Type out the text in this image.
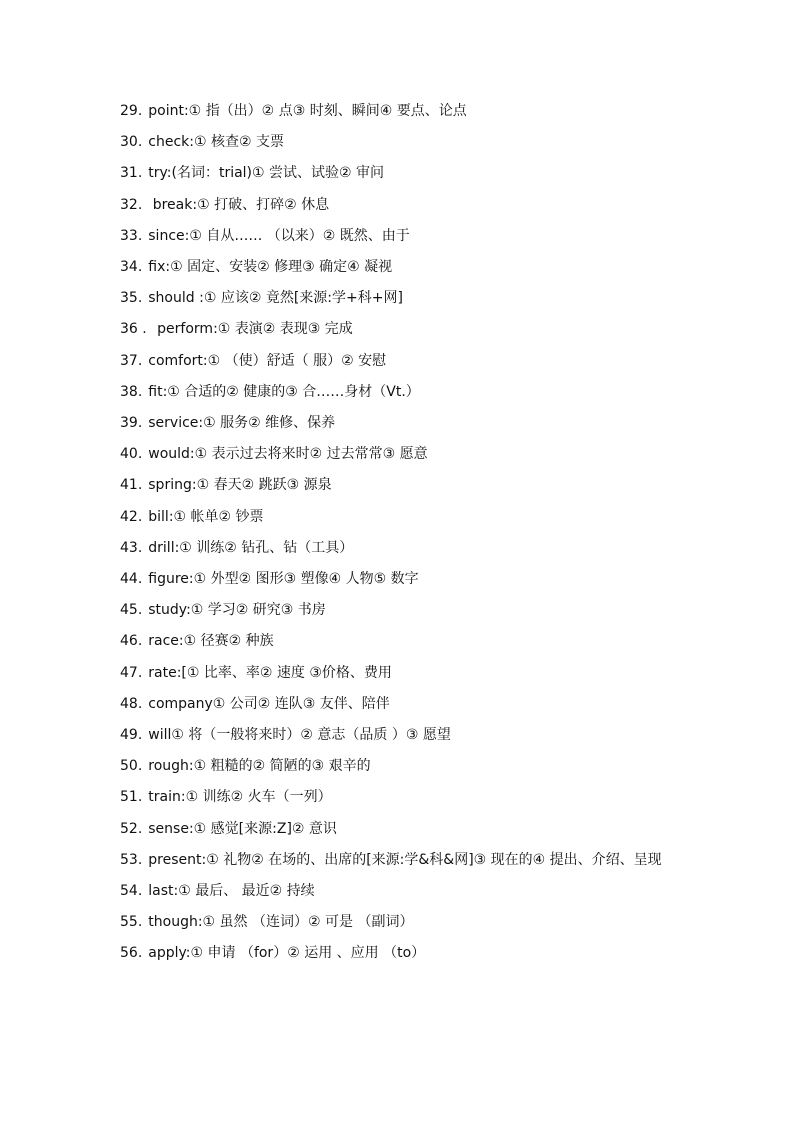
29. point:① 指（出）② 点③ 时刻、瞬间④ 要点、论点
30. check:① 核查② 支票
31. try:(名词：trial)① 尝试、试验② 审问
32. break:① 打破、打碎② 休息
33. since:① 自从…… （以来）② 既然、由于
34. fix:① 固定、安装② 修理③ 确定④ 凝视
35. should :① 应该② 竟然[来源:学+科+网]
36 . perform:① 表演② 表现③ 完成
37. comfort:① （使）舒适（ 服）② 安慰
38. fit:① 合适的② 健康的③ 合……身材（Vt.）
39. service:① 服务② 维修、保养
40. would:① 表示过去将来时② 过去常常③ 愿意
41. spring:① 春天② 跳跃③ 源泉
42. bill:① 帐单② 钞票
43. drill:① 训练② 钻孔、钻（工具）
44. figure:① 外型② 图形③ 塑像④ 人物⑤ 数字
45. study:① 学习② 研究③ 书房
46. race:① 径赛② 种族
47. rate:[① 比率、率② 速度 ③价格、费用
48. company① 公司② 连队③ 友伴、陪伴
49. will① 将（一般将来时）② 意志（品质 ）③ 愿望
50. rough:① 粗糙的② 简陋的③ 艰辛的
51. train:① 训练② 火车（一列）
52. sense:① 感觉[来源:Z]② 意识
53. present:① 礼物② 在场的、出席的[来源:学&科&网]③ 现在的④ 提出、介绍、呈现
54. last:① 最后、 最近② 持续
55. though:① 虽然 （连词）② 可是 （副词）
56. apply:① 申请 （for）② 运用 、应用 （to）
